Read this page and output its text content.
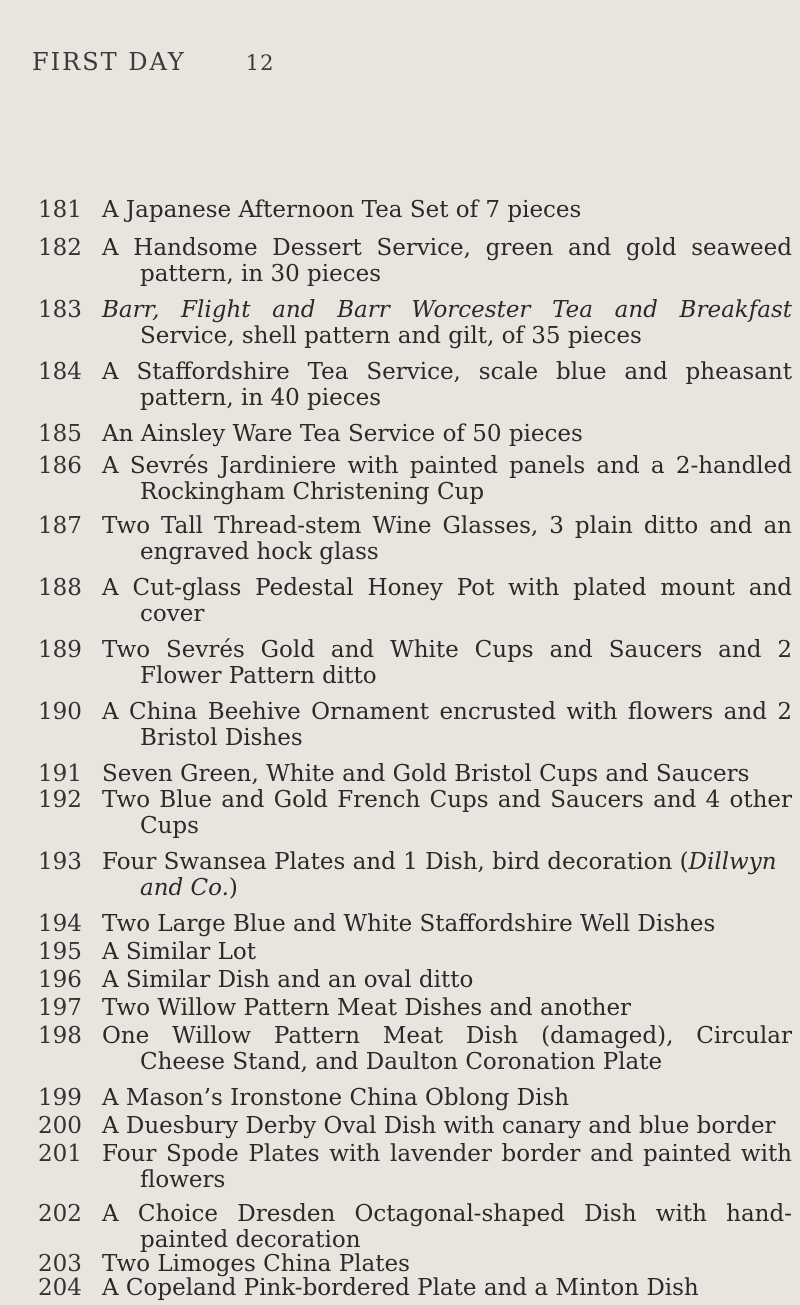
FIRST DAY	12
181 A Japanese Afternoon Tea Set of 7 pieces
182 A Handsome Dessert Service, green and gold seaweed
pattern, in 30 pieces
183 Barr, Flight and Barr Worcester Tea and Breakfast
Service, shell pattern and gilt, of 35 pieces
184 A Staffordshire Tea Service, scale blue and pheasant
pattern, in 40 pieces
185 An Ainsley Ware Tea Service of 50 pieces
186 A Sevrés Jardiniere with painted panels and a 2-handled
Rockingham Christening Cup
187 Two Tall Thread-stem Wine Glasses, 3 plain ditto and an
engraved hock glass
188 A Cut-glass Pedestal Honey Pot with plated mount and
cover
189 Two Sevrés Gold and White Cups and Saucers and 2
Flower Pattern ditto
190 A China Beehive Ornament encrusted with flowers and 2
Bristol Dishes
191 Seven Green, White and Gold Bristol Cups and Saucers
192 Two Blue and Gold French Cups and Saucers and 4 other
Cups
193 Four Swansea Plates and 1 Dish, bird decoration (Dillwyn
and Co.)
194 Two Large Blue and White Staffordshire Well Dishes
195 A Similar Lot
196 A Similar Dish and an oval ditto
197 Two Willow Pattern Meat Dishes and another
198 One Willow Pattern Meat Dish (damaged), Circular
Cheese Stand, and Daulton Coronation Plate
199 A Mason’s Ironstone China Oblong Dish
200 A Duesbury Derby Oval Dish with canary and blue border
201 Four Spode Plates with lavender border and painted with
flowers
202 A Choice Dresden Octagonal-shaped Dish with hand-
painted decoration
203 Two Limoges China Plates
204 A Copeland Pink-bordered Plate and a Minton Dish
